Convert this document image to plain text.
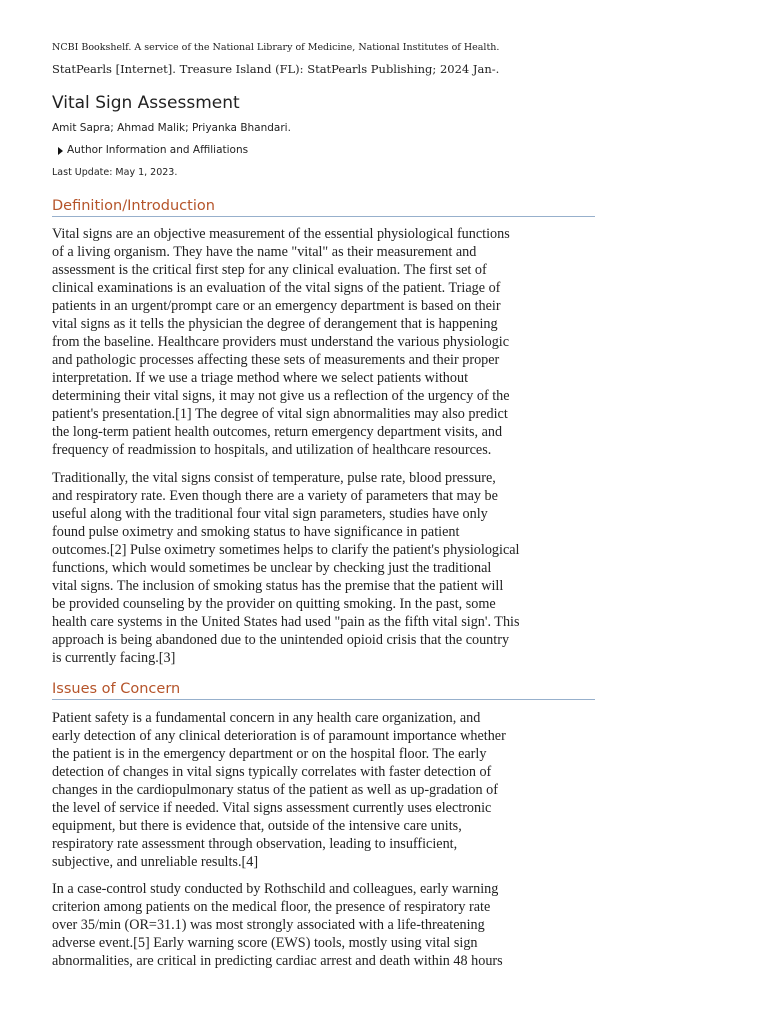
NCBI Bookshelf. A service of the National Library of Medicine, National Institutes of Health.
StatPearls [Internet]. Treasure Island (FL): StatPearls Publishing; 2024 Jan-.
Vital Sign Assessment
Amit Sapra; Ahmad Malik; Priyanka Bhandari.
Author Information and Affiliations
Last Update: May 1, 2023.
Definition/Introduction

Vital signs are an objective measurement of the essential physiological functions
of a living organism. They have the name "vital" as their measurement and
assessment is the critical first step for any clinical evaluation. The first set of
clinical examinations is an evaluation of the vital signs of the patient. Triage of
patients in an urgent/prompt care or an emergency department is based on their
vital signs as it tells the physician the degree of derangement that is happening
from the baseline. Healthcare providers must understand the various physiologic
and pathologic processes affecting these sets of measurements and their proper
interpretation. If we use a triage method where we select patients without
determining their vital signs, it may not give us a reflection of the urgency of the
patient's presentation.[1] The degree of vital sign abnormalities may also predict
the long-term patient health outcomes, return emergency department visits, and
frequency of readmission to hospitals, and utilization of healthcare resources.

Traditionally, the vital signs consist of temperature, pulse rate, blood pressure,
and respiratory rate. Even though there are a variety of parameters that may be
useful along with the traditional four vital sign parameters, studies have only
found pulse oximetry and smoking status to have significance in patient
outcomes.[2] Pulse oximetry sometimes helps to clarify the patient's physiological
functions, which would sometimes be unclear by checking just the traditional
vital signs. The inclusion of smoking status has the premise that the patient will
be provided counseling by the provider on quitting smoking. In the past, some
health care systems in the United States had used "pain as the fifth vital sign'. This
approach is being abandoned due to the unintended opioid crisis that the country
is currently facing.[3]

Issues of Concern

Patient safety is a fundamental concern in any health care organization, and
early detection of any clinical deterioration is of paramount importance whether
the patient is in the emergency department or on the hospital floor. The early
detection of changes in vital signs typically correlates with faster detection of
changes in the cardiopulmonary status of the patient as well as up-gradation of
the level of service if needed. Vital signs assessment currently uses electronic
equipment, but there is evidence that, outside of the intensive care units,
respiratory rate assessment through observation, leading to insufficient,
subjective, and unreliable results.[4]

In a case-control study conducted by Rothschild and colleagues, early warning
criterion among patients on the medical floor, the presence of respiratory rate
over 35/min (OR=31.1) was most strongly associated with a life-threatening
adverse event.[5] Early warning score (EWS) tools, mostly using vital sign
abnormalities, are critical in predicting cardiac arrest and death within 48 hours
